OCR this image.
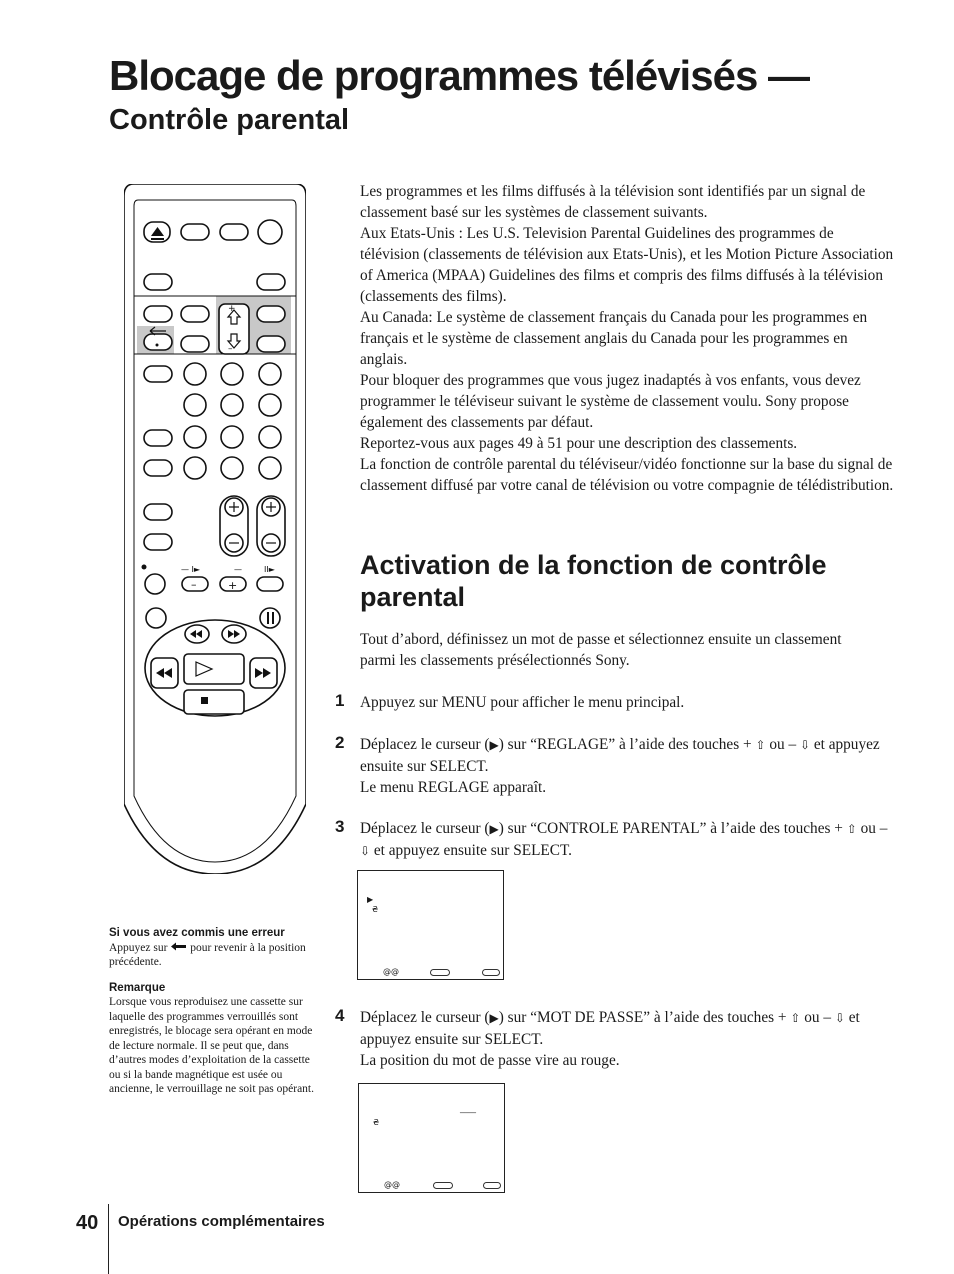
Blocage de programmes télévisés —
Contrôle parental
+
–
— I►	—	II►
–	+

Les programmes et les films diffusés à la télévision sont identifiés par un signal de classement basé sur les systèmes de classement suivants.

Aux Etats-Unis : Les U.S. Television Parental Guidelines des programmes de télévision (classements de télévision aux Etats-Unis), et les Motion Picture Association of America (MPAA) Guidelines des films et compris des films diffusés à la télévision (classements des films).

Au Canada: Le système de classement français du Canada pour les programmes en français et le système de classement anglais du Canada pour les programmes en anglais.

Pour bloquer des programmes que vous jugez inadaptés à vos enfants, vous devez programmer le téléviseur suivant le système de classement voulu. Sony propose également des classements par défaut.

Reportez-vous aux pages 49 à 51 pour une description des classements.

La fonction de contrôle parental du téléviseur/vidéo fonctionne sur la base du signal de classement diffusé par votre canal de télévision ou votre compagnie de télédistribution.

Activation de la fonction de contrôle parental

Tout d’abord, définissez un mot de passe et sélectionnez ensuite un classement parmi les classements présélectionnés Sony.

1 Appuyez sur MENU pour afficher le menu principal.

2 Déplacez le curseur (▶) sur “REGLAGE” à l’aide des touches + ⇧ ou – ⇩ et appuyez ensuite sur SELECT.

Le menu REGLAGE apparaît.

3 Déplacez le curseur (▶) sur “CONTROLE PARENTAL” à l’aide des touches + ⇧ ou – ⇩ et appuyez ensuite sur SELECT.

▶
₴
@@
4 Déplacez le curseur (▶) sur “MOT DE PASSE” à l’aide des touches + ⇧ ou – ⇩ et appuyez ensuite sur SELECT.

La position du mot de passe vire au rouge.

____
₴
@@
Si vous avez commis une erreur

Appuyez sur pour revenir à la position précédente.

Remarque

Lorsque vous reproduisez une cassette sur laquelle des programmes verrouillés sont enregistrés, le blocage sera opérant en mode de lecture normale. Il se peut que, dans d’autres modes d’exploitation de la cassette ou si la bande magnétique est usée ou ancienne, le verrouillage ne soit pas opérant.

40 Opérations complémentaires
